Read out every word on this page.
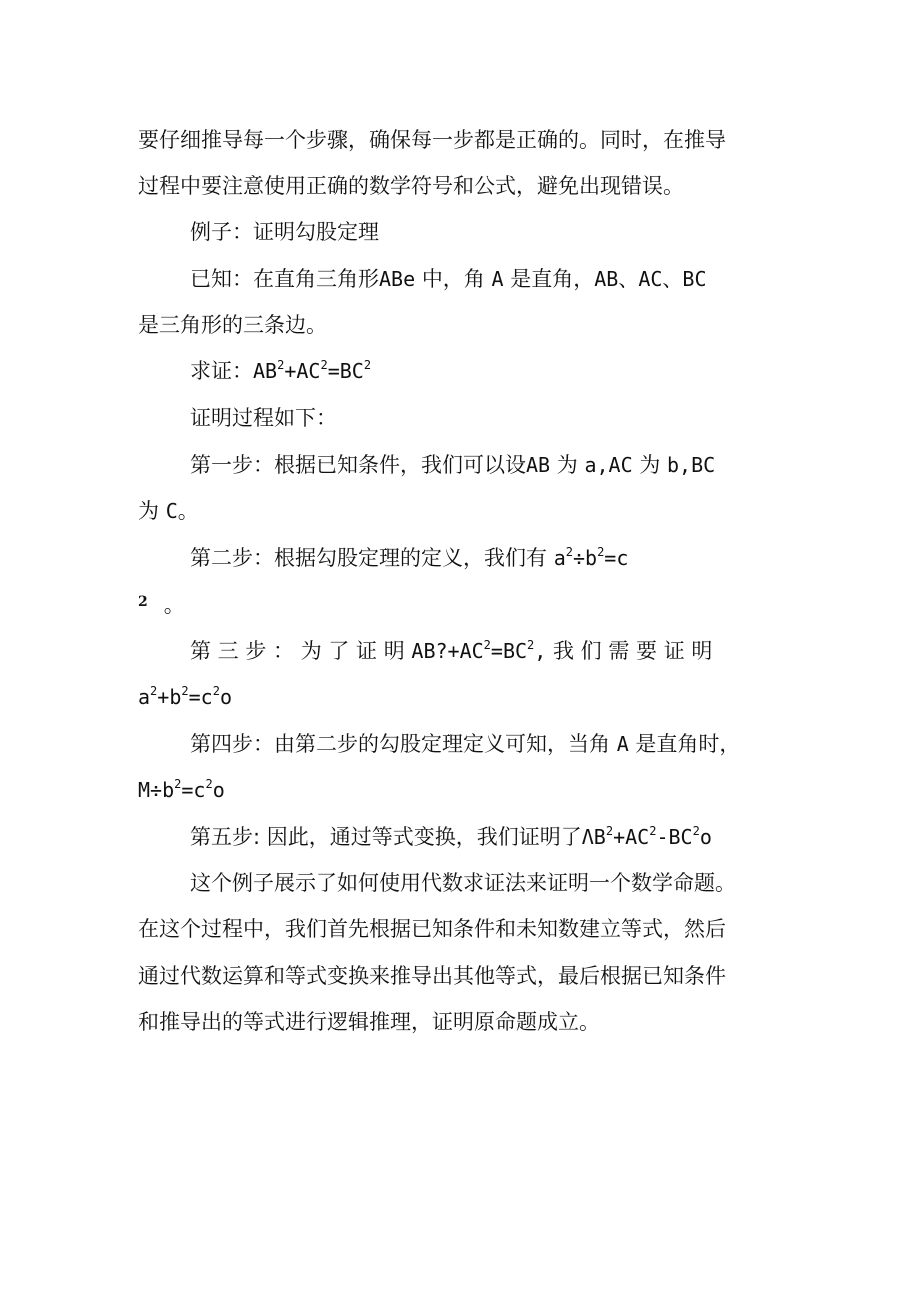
要仔细推导每一个步骤，确保每一步都是正确的。同时，在推导
过程中要注意使用正确的数学符号和公式，避免出现错误。
例子：证明勾股定理
已知：在直角三角形ABe 中，角 A 是直角，AB、AC、BC
是三角形的三条边。
求证：$AB^2+AC^2=BC^2$
证明过程如下：
第一步：根据已知条件，我们可以设AB 为 a,AC 为 b,BC
为 C。
第二步：根据勾股定理的定义，我们有 $a^2\div b^2=c$
$^2$ 。
第 三 步 ： 为 了 证 明 $AB?+AC^2=BC^2$, 我 们 需 要 证 明
$a^2+b^2=c^2o$
第四步：由第二步的勾股定理定义可知，当角 A 是直角时，
$M\div b^2=c^2o$
第五步: 因此，通过等式变换，我们证明了$\Lambda B^2+AC^2-BC^2o$
这个例子展示了如何使用代数求证法来证明一个数学命题。
在这个过程中，我们首先根据已知条件和未知数建立等式，然后
通过代数运算和等式变换来推导出其他等式，最后根据已知条件
和推导出的等式进行逻辑推理，证明原命题成立。
